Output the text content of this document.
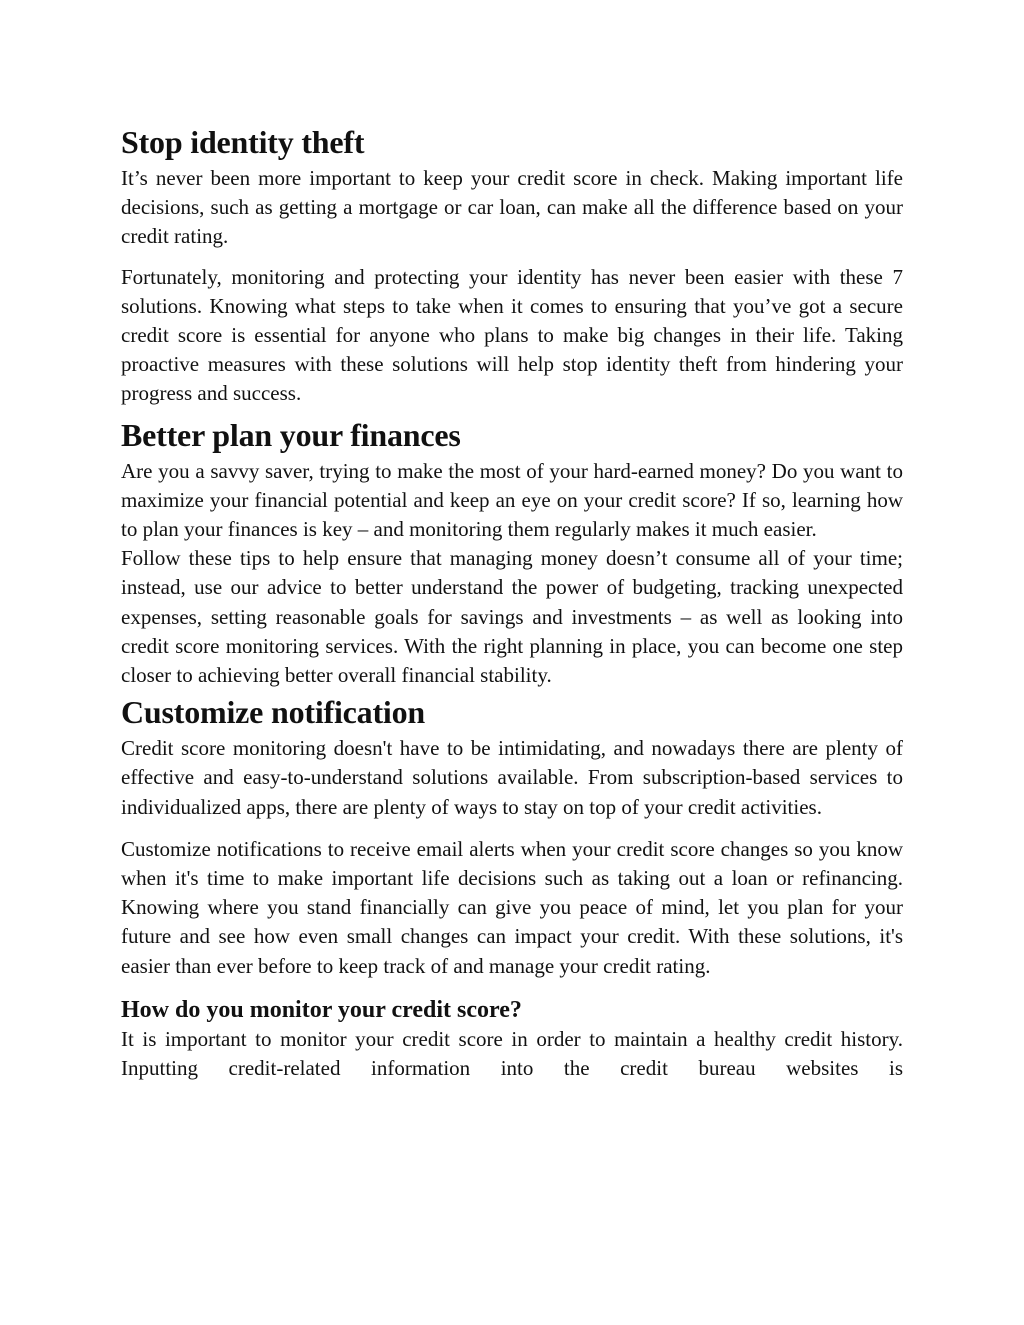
Stop identity theft

It’s never been more important to keep your credit score in check. Making important life decisions, such as getting a mortgage or car loan, can make all the difference based on your credit rating.

Fortunately, monitoring and protecting your identity has never been easier with these 7 solutions. Knowing what steps to take when it comes to ensuring that you’ve got a secure credit score is essential for anyone who plans to make big changes in their life. Taking proactive measures with these solutions will help stop identity theft from hindering your progress and success.

Better plan your finances

Are you a savvy saver, trying to make the most of your hard-earned money? Do you want to maximize your financial potential and keep an eye on your credit score? If so, learning how to plan your finances is key – and monitoring them regularly makes it much easier.

Follow these tips to help ensure that managing money doesn’t consume all of your time; instead, use our advice to better understand the power of budgeting, tracking unexpected expenses, setting reasonable goals for savings and investments – as well as looking into credit score monitoring services. With the right planning in place, you can become one step closer to achieving better overall financial stability.

Customize notification

Credit score monitoring doesn't have to be intimidating, and nowadays there are plenty of effective and easy-to-understand solutions available. From subscription-based services to individualized apps, there are plenty of ways to stay on top of your credit activities.

Customize notifications to receive email alerts when your credit score changes so you know when it's time to make important life decisions such as taking out a loan or refinancing. Knowing where you stand financially can give you peace of mind, let you plan for your future and see how even small changes can impact your credit. With these solutions, it's easier than ever before to keep track of and manage your credit rating.

How do you monitor your credit score?

It is important to monitor your credit score in order to maintain a healthy credit history. Inputting credit-related information into the credit bureau websites is
